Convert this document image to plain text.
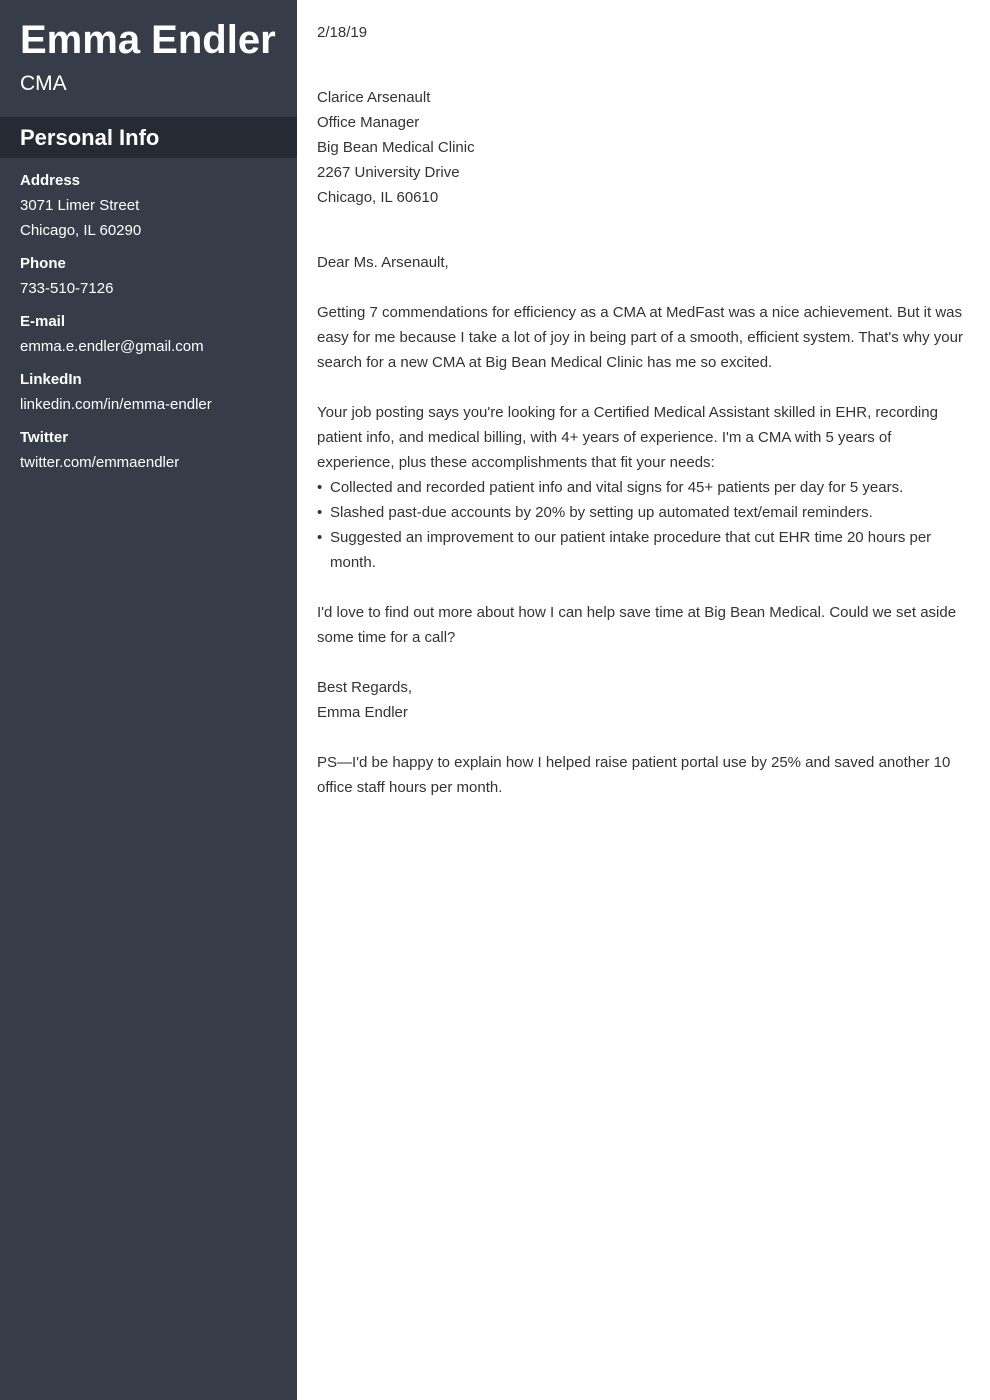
Emma Endler
CMA
Personal Info
Address
3071 Limer Street
Chicago, IL 60290
Phone
733-510-7126
E-mail
emma.e.endler@gmail.com
LinkedIn
linkedin.com/in/emma-endler
Twitter
twitter.com/emmaendler

2/18/19

Clarice Arsenault

Office Manager

Big Bean Medical Clinic

2267 University Drive

Chicago, IL 60610

Dear Ms. Arsenault,

Getting 7 commendations for efficiency as a CMA at MedFast was a nice achievement. But it was easy for me because I take a lot of joy in being part of a smooth, efficient system. That's why your search for a new CMA at Big Bean Medical Clinic has me so excited.

Your job posting says you're looking for a Certified Medical Assistant skilled in EHR, recording patient info, and medical billing, with 4+ years of experience. I'm a CMA with 5 years of experience, plus these accomplishments that fit your needs:

• Collected and recorded patient info and vital signs for 45+ patients per day for 5 years.
• Slashed past-due accounts by 20% by setting up automated text/email reminders.
• Suggested an improvement to our patient intake procedure that cut EHR time 20 hours per month.

I'd love to find out more about how I can help save time at Big Bean Medical. Could we set aside some time for a call?

Best Regards,

Emma Endler

PS—I'd be happy to explain how I helped raise patient portal use by 25% and saved another 10 office staff hours per month.
